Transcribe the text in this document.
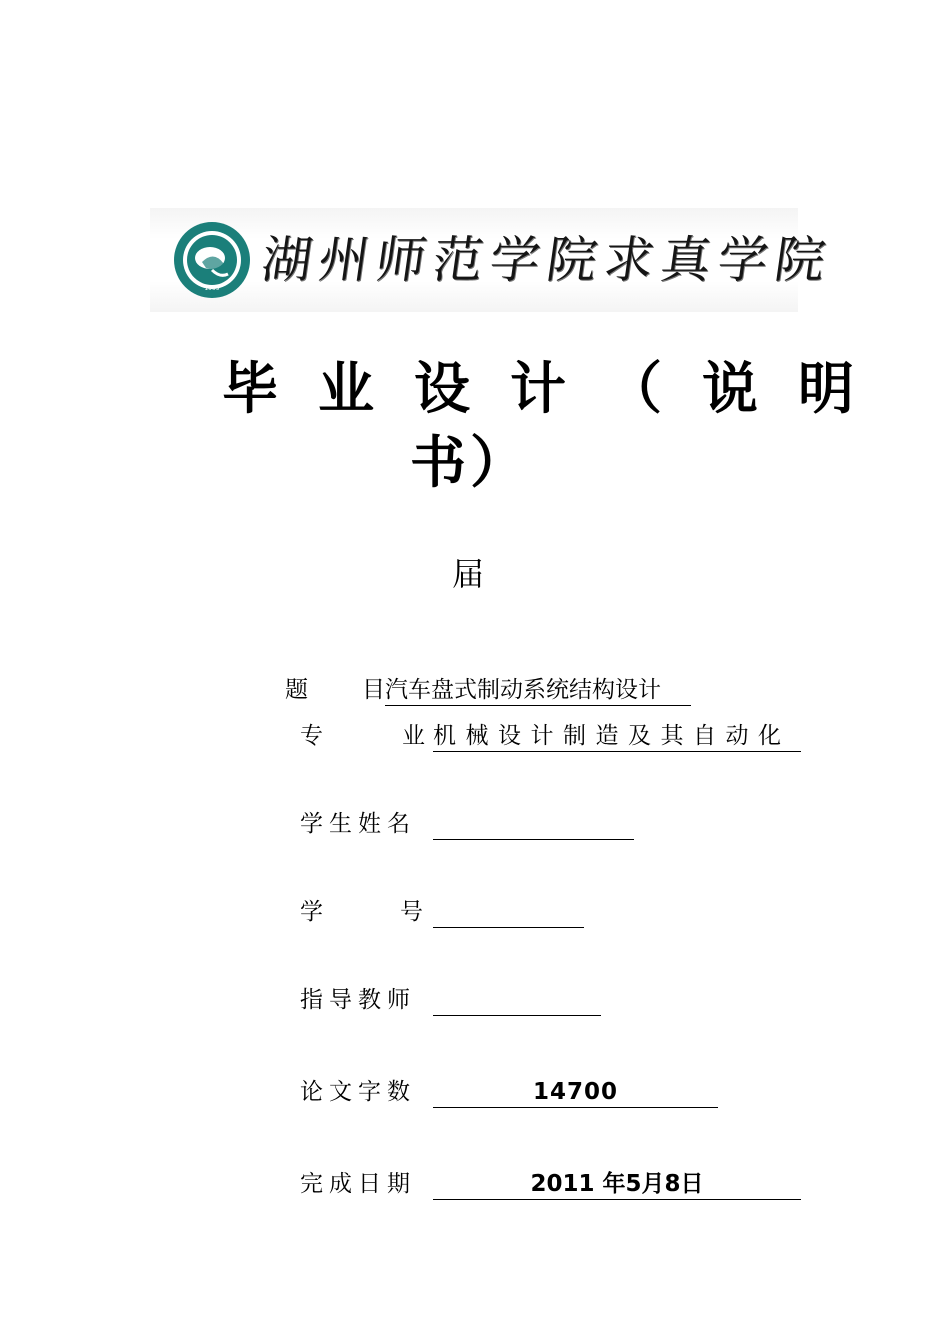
1999 湖州师范学院求真学院
毕业设计（说明
书）
届
题 目 汽车盘式制动系统结构设计
专	业 机械设计制造及其自动化
学生姓名
学	号
指导教师
论文字数	14700
完成日期	2011 年5月8日
